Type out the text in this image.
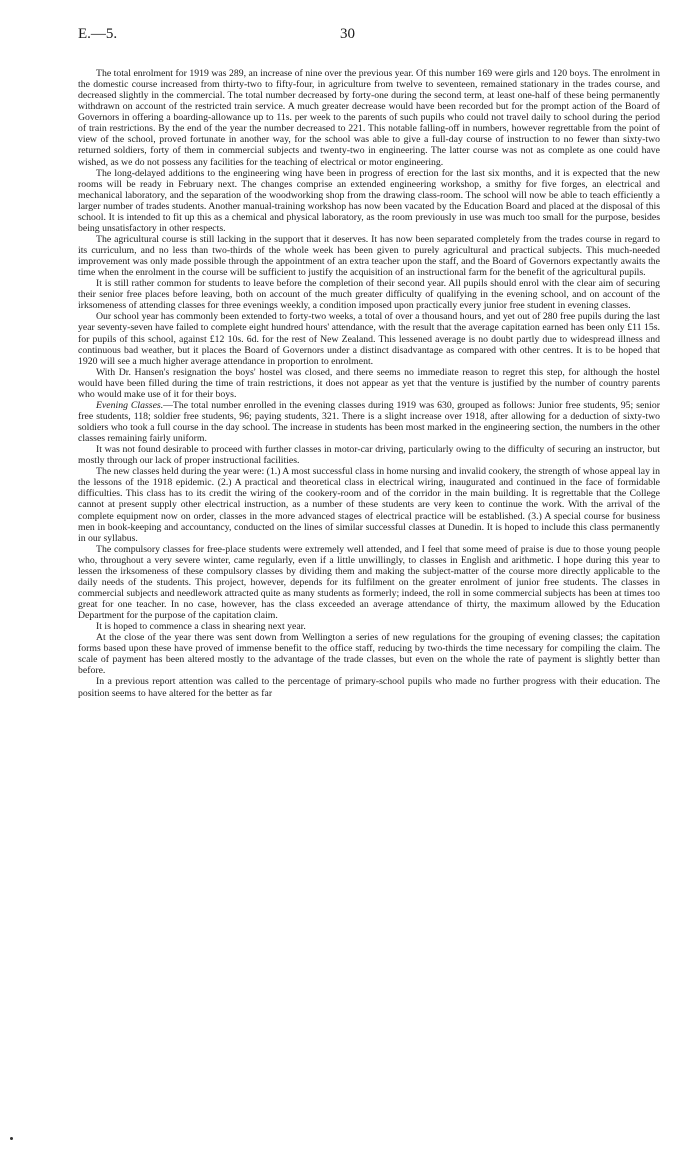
E.—5.	30

The total enrolment for 1919 was 289, an increase of nine over the previous year. Of this number 169 were girls and 120 boys. The enrolment in the domestic course increased from thirty-two to fifty-four, in agriculture from twelve to seventeen, remained stationary in the trades course, and decreased slightly in the commercial. The total number decreased by forty-one during the second term, at least one-half of these being permanently withdrawn on account of the restricted train service. A much greater decrease would have been recorded but for the prompt action of the Board of Governors in offering a boarding-allowance up to 11s. per week to the parents of such pupils who could not travel daily to school during the period of train restrictions. By the end of the year the number decreased to 221. This notable falling-off in numbers, however regrettable from the point of view of the school, proved fortunate in another way, for the school was able to give a full-day course of instruction to no fewer than sixty-two returned soldiers, forty of them in commercial subjects and twenty-two in engineering. The latter course was not as complete as one could have wished, as we do not possess any facilities for the teaching of electrical or motor engineering.

The long-delayed additions to the engineering wing have been in progress of erection for the last six months, and it is expected that the new rooms will be ready in February next. The changes comprise an extended engineering workshop, a smithy for five forges, an electrical and mechanical laboratory, and the separation of the woodworking shop from the drawing class-room. The school will now be able to teach efficiently a larger number of trades students. Another manual-training workshop has now been vacated by the Education Board and placed at the disposal of this school. It is intended to fit up this as a chemical and physical laboratory, as the room previously in use was much too small for the purpose, besides being unsatisfactory in other respects.

The agricultural course is still lacking in the support that it deserves. It has now been separated completely from the trades course in regard to its curriculum, and no less than two-thirds of the whole week has been given to purely agricultural and practical subjects. This much-needed improvement was only made possible through the appointment of an extra teacher upon the staff, and the Board of Governors expectantly awaits the time when the enrolment in the course will be sufficient to justify the acquisition of an instructional farm for the benefit of the agricultural pupils.

It is still rather common for students to leave before the completion of their second year. All pupils should enrol with the clear aim of securing their senior free places before leaving, both on account of the much greater difficulty of qualifying in the evening school, and on account of the irksomeness of attending classes for three evenings weekly, a condition imposed upon practically every junior free student in evening classes.

Our school year has commonly been extended to forty-two weeks, a total of over a thousand hours, and yet out of 280 free pupils during the last year seventy-seven have failed to complete eight hundred hours' attendance, with the result that the average capitation earned has been only £11 15s. for pupils of this school, against £12 10s. 6d. for the rest of New Zealand. This lessened average is no doubt partly due to widespread illness and continuous bad weather, but it places the Board of Governors under a distinct disadvantage as compared with other centres. It is to be hoped that 1920 will see a much higher average attendance in proportion to enrolment.

With Dr. Hansen's resignation the boys' hostel was closed, and there seems no immediate reason to regret this step, for although the hostel would have been filled during the time of train restrictions, it does not appear as yet that the venture is justified by the number of country parents who would make use of it for their boys.

Evening Classes.—The total number enrolled in the evening classes during 1919 was 630, grouped as follows: Junior free students, 95; senior free students, 118; soldier free students, 96; paying students, 321. There is a slight increase over 1918, after allowing for a deduction of sixty-two soldiers who took a full course in the day school. The increase in students has been most marked in the engineering section, the numbers in the other classes remaining fairly uniform.

It was not found desirable to proceed with further classes in motor-car driving, particularly owing to the difficulty of securing an instructor, but mostly through our lack of proper instructional facilities.

The new classes held during the year were: (1.) A most successful class in home nursing and invalid cookery, the strength of whose appeal lay in the lessons of the 1918 epidemic. (2.) A practical and theoretical class in electrical wiring, inaugurated and continued in the face of formidable difficulties. This class has to its credit the wiring of the cookery-room and of the corridor in the main building. It is regrettable that the College cannot at present supply other electrical instruction, as a number of these students are very keen to continue the work. With the arrival of the complete equipment now on order, classes in the more advanced stages of electrical practice will be established. (3.) A special course for business men in book-keeping and accountancy, conducted on the lines of similar successful classes at Dunedin. It is hoped to include this class permanently in our syllabus.

The compulsory classes for free-place students were extremely well attended, and I feel that some meed of praise is due to those young people who, throughout a very severe winter, came regularly, even if a little unwillingly, to classes in English and arithmetic. I hope during this year to lessen the irksomeness of these compulsory classes by dividing them and making the subject-matter of the course more directly applicable to the daily needs of the students. This project, however, depends for its fulfilment on the greater enrolment of junior free students. The classes in commercial subjects and needlework attracted quite as many students as formerly; indeed, the roll in some commercial subjects has been at times too great for one teacher. In no case, however, has the class exceeded an average attendance of thirty, the maximum allowed by the Education Department for the purpose of the capitation claim.

It is hoped to commence a class in shearing next year.

At the close of the year there was sent down from Wellington a series of new regulations for the grouping of evening classes; the capitation forms based upon these have proved of immense benefit to the office staff, reducing by two-thirds the time necessary for compiling the claim. The scale of payment has been altered mostly to the advantage of the trade classes, but even on the whole the rate of payment is slightly better than before.

In a previous report attention was called to the percentage of primary-school pupils who made no further progress with their education. The position seems to have altered for the better as far
